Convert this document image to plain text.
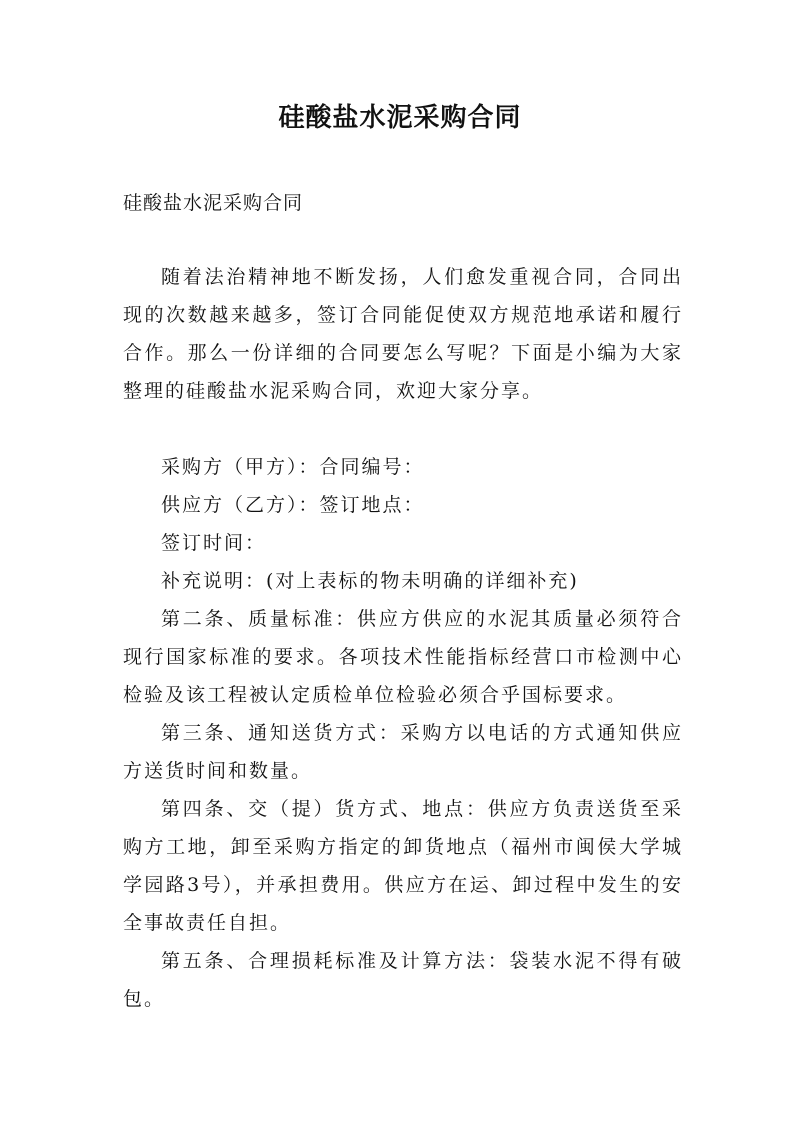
硅酸盐水泥采购合同

硅酸盐水泥采购合同

随着法治精神地不断发扬，人们愈发重视合同，合同出现的次数越来越多，签订合同能促使双方规范地承诺和履行合作。那么一份详细的合同要怎么写呢？下面是小编为大家整理的硅酸盐水泥采购合同，欢迎大家分享。

采购方（甲方）：合同编号：

供应方（乙方）：签订地点：

签订时间：

补充说明：(对上表标的物未明确的详细补充)

第二条、质量标准：供应方供应的水泥其质量必须符合现行国家标准的要求。各项技术性能指标经营口市检测中心检验及该工程被认定质检单位检验必须合乎国标要求。

第三条、通知送货方式：采购方以电话的方式通知供应方送货时间和数量。

第四条、交（提）货方式、地点：供应方负责送货至采购方工地，卸至采购方指定的卸货地点（福州市闽侯大学城学园路3号），并承担费用。供应方在运、卸过程中发生的安全事故责任自担。

第五条、合理损耗标准及计算方法：袋装水泥不得有破包。
